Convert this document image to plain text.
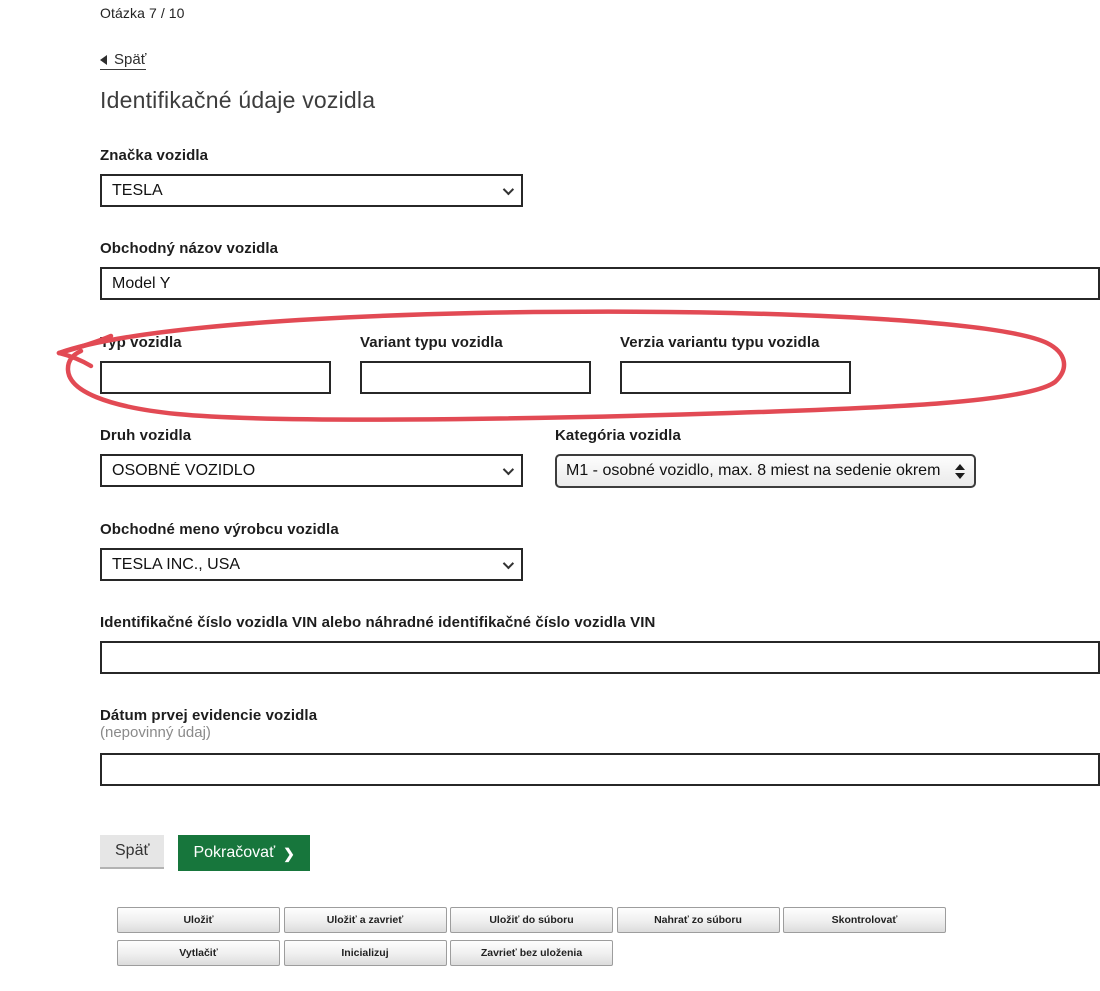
Otázka 7 / 10
Späť
Identifikačné údaje vozidla
Značka vozidla
TESLA
Obchodný názov vozidla
Model Y
Typ vozidla	Variant typu vozidla	Verzia variantu typu vozidla
Druh vozidla
OSOBNÉ VOZIDLO
Kategória vozidla
M1 - osobné vozidlo, max. 8 miest na sedenie okrem
Obchodné meno výrobcu vozidla
TESLA INC., USA
Identifikačné číslo vozidla VIN alebo náhradné identifikačné číslo vozidla VIN
Dátum prvej evidencie vozidla
(nepovinný údaj)
Späť	Pokračovať ❯
Uložiť	Uložiť a zavrieť	Uložiť do súboru	Nahrať zo súboru	Skontrolovať
Vytlačiť	Inicializuj	Zavrieť bez uloženia
